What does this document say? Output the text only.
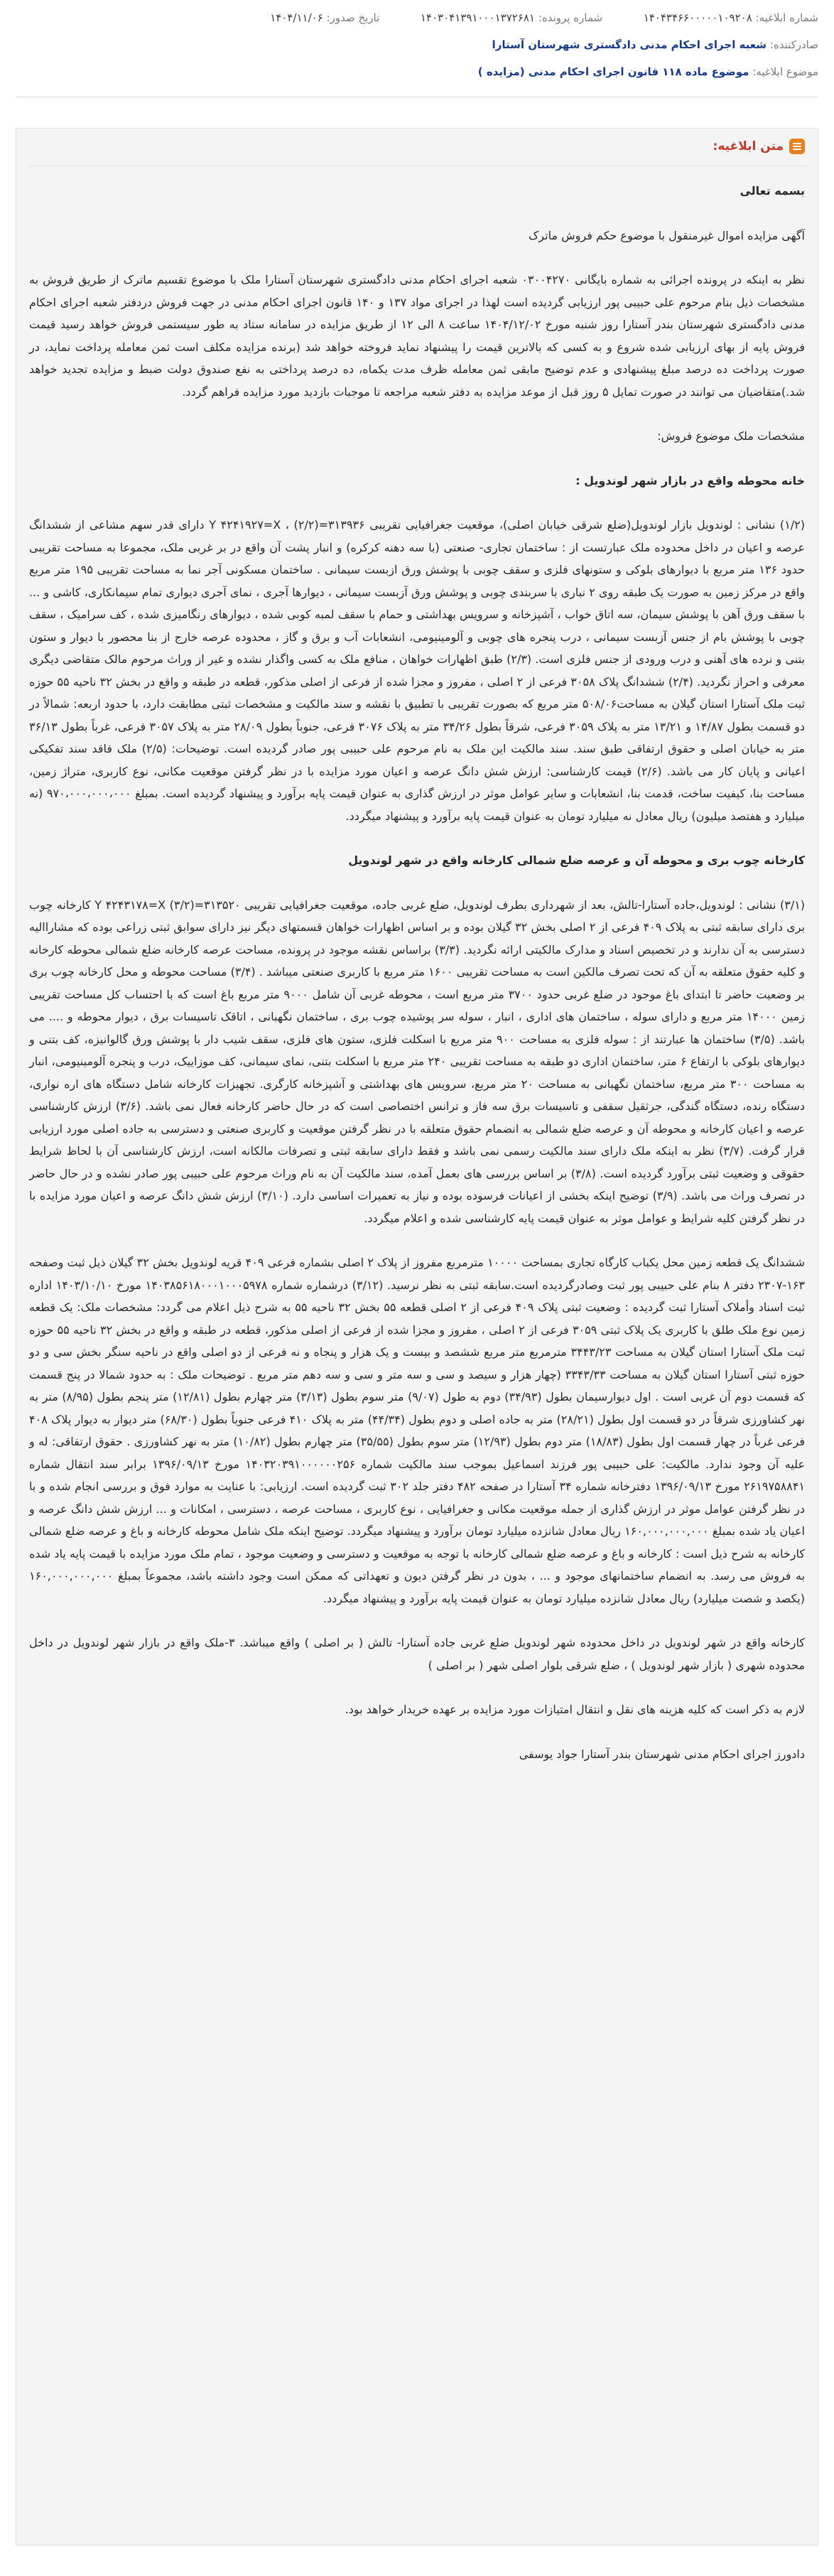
شماره ابلاغیه: ۱۴۰۴۳۴۶۶۰۰۰۰۰۱۰۹۲۰۸  شماره پرونده: ۱۴۰۳۰۴۱۳۹۱۰۰۰۱۳۷۲۶۸۱  تاریخ صدور: ۱۴۰۴/۱۱/۰۶
صادرکننده: شعبه اجرای احکام مدنی دادگستری شهرستان آستارا
موضوع ابلاغیه: موضوع ماده ۱۱۸ قانون اجرای احکام مدنی (مزایده )
متن ابلاغیه:

بسمه تعالی

آگهی مزایده اموال غیرمنقول با موضوع حکم فروش ماترک

نظر به اینکه در پرونده اجرائی به شماره بایگانی ۰۳۰۰۴۲۷۰ شعبه اجرای احکام مدنی دادگستری شهرستان آستارا ملک با موضوع تقسیم ماترک از طریق فروش به مشخصات ذیل بنام مرحوم علی حبیبی پور ارزیابی گردیده است لهذا در اجرای مواد ۱۳۷ و ۱۴۰ قانون اجرای احکام مدنی در جهت فروش دردفتر شعبه اجرای احکام مدنی دادگستری شهرستان بندر آستارا روز شنبه مورخ ۱۴۰۴/۱۲/۰۲ ساعت ۸ الی ۱۲ از طریق مزایده در سامانه ستاد به طور سیستمی فروش خواهد رسید قیمت فروش پایه از بهای ارزیابی شده شروع و به کسی که بالاترین قیمت را پیشنهاد نماید فروخته خواهد شد (برنده مزایده مکلف است ثمن معامله پرداخت نماید، در صورت پرداخت ده درصد مبلغ پیشنهادی و عدم توضیح مابقی ثمن معامله ظرف مدت یکماه، ده درصد پرداختی به نفع صندوق دولت ضبط و مزایده تجدید خواهد شد.)متقاضیان می توانند در صورت تمایل ۵ روز قبل از موعد مزایده به دفتر شعبه مراجعه تا موجبات بازدید مورد مزایده فراهم گردد.

مشخصات ملک موضوع فروش:

خانه محوطه واقع در بازار شهر لوندویل :

(۱/۲) نشانی : لوندویل بازار لوندویل(ضلع شرقی خیابان اصلی)، موقعیت جغرافیایی تقریبی ۳۱۳۹۳۶=Y ۴۲۴۱۹۲۷=X ، (۲/۲) دارای قدر سهم مشاعی از ششدانگ عرصه و اعیان در داخل محدوده ملک عبارتست از : ساختمان تجاری- صنعتی (با سه دهنه کرکره) و انبار پشت آن واقع در بر غربی ملک، مجموعا به مساحت تقریبی حدود ۱۳۶ متر مربع با دیوارهای بلوکی و ستونهای فلزی و سقف چوبی با پوشش ورق ازبست سیمانی . ساختمان مسکونی آجر نما به مساحت تقریبی ۱۹۵ متر مربع واقع در مرکز زمین به صورت یک طبقه روی ۲ نباری با سربندی چوبی و پوشش ورق آزبست سیمانی ، دیوارها آجری ، نمای آجری دیواری تمام سیمانکاری، کاشی و ... با سقف ورق آهن با پوشش سیمان، سه اتاق خواب ، آشپزخانه و سرویس بهداشتی و حمام با سقف لمبه کوبی شده ، دیوارهای رنگامیزی شده ، کف سرامیک ، سقف چوبی با پوشش بام از جنس آزبست سیمانی ، درب پنجره های چوبی و آلومینیومی، انشعابات آب و برق و گاز ، محدوده عرصه خارج از بنا محصور با دیوار و ستون بتنی و نرده های آهنی و درب ورودی از جنس فلزی است. (۲/۳) طبق اظهارات خواهان ، منافع ملک به کسی واگذار نشده و غیر از وراث مرحوم مالک متقاضی دیگری معرفی و احراز نگردید. (۲/۴) ششدانگ پلاک ۳۰۵۸ فرعی از ۲ اصلی ، مفروز و مجزا شده از فرعی از اصلی مذکور، قطعه در طبقه و واقع در بخش ۳۲ ناحیه ۵۵ حوزه ثبت ملک آستارا استان گیلان به مساحت۵۰۸/۰۶ متر مربع که بصورت تقریبی با تطبیق با نقشه و سند مالکیت و مشخصات ثبتی مطابقت دارد، با حدود اربعه: شمالاً در دو قسمت بطول ۱۴/۸۷ و ۱۳/۲۱ متر به پلاک ۳۰۵۹ فرعی، شرقاً بطول ۳۴/۲۶ متر به پلاک ۳۰۷۶ فرعی، جنوباً بطول ۲۸/۰۹ متر به پلاک ۳۰۵۷ فرعی، غرباً بطول ۳۶/۱۳ متر به خیابان اصلی و حقوق ارتفاقی طبق سند. سند مالکیت این ملک به نام مرحوم علی حبیبی پور صادر گردیده است. توضیحات: (۲/۵) ملک فاقد سند تفکیکی اعیانی و پایان کار می باشد. (۲/۶) قیمت کارشناسی: ارزش شش دانگ عرصه و اعیان مورد مزایده با در نظر گرفتن موقعیت مکانی، نوع کاربری، متراژ زمین، مساحت بنا، کیفیت ساخت، قدمت بنا، انشعابات و سایر عوامل موثر در ارزش گذاری به عنوان قیمت پایه برآورد و پیشنهاد گردیده است. بمبلغ ۹۷۰،۰۰۰،۰۰۰،۰۰۰ (نه میلیارد و هفتصد میلیون) ریال معادل نه میلیارد تومان به عنوان قیمت پایه برآورد و پیشنهاد میگردد.

کارخانه چوب بری و محوطه آن و عرصه ضلع شمالی کارخانه واقع در شهر لوندویل

(۳/۱) نشانی : لوندویل،جاده آستارا-تالش، بعد از شهرداری بطرف لوندویل، ضلع غربی جاده، موقعیت جغرافیایی تقریبی ۳۱۳۵۲۰=Y ۴۲۴۳۱۷۸=X (۳/۲) کارخانه چوب بری دارای سابقه ثبتی به پلاک ۴۰۹ فرعی از ۲ اصلی بخش ۳۲ گیلان بوده و بر اساس اظهارات خواهان قسمتهای دیگر نیز دارای سوابق ثبتی زراعی بوده که مشاراالیه دسترسی به آن ندارند و در تخصیص اسناد و مدارک مالکیتی ارائه نگردید. (۳/۳) براساس نقشه موجود در پرونده، مساحت عرصه کارخانه ضلع شمالی محوطه کارخانه و کلیه حقوق متعلقه به آن که تحت تصرف مالکین است به مساحت تقریبی ۱۶۰۰ متر مربع با کاربری صنعتی میباشد . (۳/۴) مساحت محوطه و محل کارخانه چوب بری بر وضعیت حاضر تا ابتدای باغ موجود در ضلع غربی حدود ۳۷۰۰ متر مربع است ، محوطه غربی آن شامل ۹۰۰۰ متر مربع باغ است که با احتساب کل مساحت تقریبی زمین ۱۴۰۰۰ متر مربع و دارای سوله ، ساختمان های اداری ، انبار ، سوله سر پوشیده چوب بری ، ساختمان نگهبانی ، اتاقک تاسیسات برق ، دیوار محوطه و .... می باشد. (۳/۵) ساختمان ها عبارتند از : سوله فلزی به مساحت ۹۰۰ متر مربع با اسکلت فلزی، ستون های فلزی، سقف شیب دار با پوشش ورق گالوانیزه، کف بتنی و دیوارهای بلوکی با ارتفاع ۶ متر، ساختمان اداری دو طبقه به مساحت تقریبی ۲۴۰ متر مربع با اسکلت بتنی، نمای سیمانی، کف موزاییک، درب و پنجره آلومینیومی، انبار به مساحت ۳۰۰ متر مربع، ساختمان نگهبانی به مساحت ۲۰ متر مربع، سرویس های بهداشتی و آشپزخانه کارگری. تجهیزات کارخانه شامل دستگاه های اره نواری، دستگاه رنده، دستگاه گندگی، جرثقیل سقفی و تاسیسات برق سه فاز و ترانس اختصاصی است که در حال حاضر کارخانه فعال نمی باشد. (۳/۶) ارزش کارشناسی عرصه و اعیان کارخانه و محوطه آن و عرصه ضلع شمالی به انضمام حقوق متعلقه با در نظر گرفتن موقعیت و کاربری صنعتی و دسترسی به جاده اصلی مورد ارزیابی قرار گرفت. (۳/۷) نظر به اینکه ملک دارای سند مالکیت رسمی نمی باشد و فقط دارای سابقه ثبتی و تصرفات مالکانه است، ارزش کارشناسی آن با لحاظ شرایط حقوقی و وضعیت ثبتی برآورد گردیده است. (۳/۸) بر اساس بررسی های بعمل آمده، سند مالکیت آن به نام وراث مرحوم علی حبیبی پور صادر نشده و در حال حاضر در تصرف وراث می باشد. (۳/۹) توضیح اینکه بخشی از اعیانات فرسوده بوده و نیاز به تعمیرات اساسی دارد. (۳/۱۰) ارزش شش دانگ عرصه و اعیان مورد مزایده با در نظر گرفتن کلیه شرایط و عوامل موثر به عنوان قیمت پایه کارشناسی شده و اعلام میگردد.

ششدانگ یک قطعه زمین محل یکباب کارگاه تجاری بمساحت ۱۰۰۰۰ مترمربع مفروز از پلاک ۲ اصلی بشماره فرعی ۴۰۹ قریه لوندویل بخش ۳۲ گیلان ذیل ثبت وصفحه ۱۶۳-۲۳۰۷ دفتر ۸ بنام علی حبیبی پور ثبت وصادرگردیده است.سابقه ثبتی به نظر نرسید. (۳/۱۲) درشماره شماره ۱۴۰۳۸۵۶۱۸۰۰۰۱۰۰۰۵۹۷۸ مورخ ۱۴۰۳/۱۰/۱۰ اداره ثبت اسناد وأملاک آستارا ثبت گردیده : وضعیت ثبتی پلاک ۴۰۹ فرعی از ۲ اصلی قطعه ۵۵ بخش ۳۲ ناحیه ۵۵ به شرح ذیل اعلام می گردد: مشخصات ملک: یک قطعه زمین نوع ملک طلق با کاربری یک پلاک ثبتی ۳۰۵۹ فرعی از ۲ اصلی ، مفروز و مجزا شده از فرعی از اصلی مذکور، قطعه در طبقه و واقع در بخش ۳۲ ناحیه ۵۵ حوزه ثبت ملک آستارا استان گیلان به مساحت ۳۴۴۳/۲۳ مترمربع متر مربع ششصد و بیست و یک هزار و پنجاه و نه فرعی از دو اصلی واقع در ناحیه سنگر بخش سی و دو حوزه ثبتی آستارا استان گیلان به مساحت ۳۳۴۳/۳۳ (چهار هزار و سیصد و سی و سه متر و سی و سه دهم متر مربع . توضیحات ملک : به حدود شمالا در پنج قسمت که قسمت دوم آن غربی است . اول دیوارسیمان بطول (۳۴/۹۳) دوم به طول (۹/۰۷) متر سوم بطول (۳/۱۳) متر چهارم بطول (۱۲/۸۱) متر پنجم بطول (۸/۹۵) متر به نهر کشاورزی شرقاً در دو قسمت اول بطول (۲۸/۲۱) متر به جاده اصلی و دوم بطول (۴۴/۳۴) متر به پلاک ۴۱۰ فرعی جنوباً بطول (۶۸/۳۰) متر دیوار به دیوار پلاک ۴۰۸ فرعی غرباً در چهار قسمت اول بطول (۱۸/۸۳) متر دوم بطول (۱۲/۹۳) متر سوم بطول (۳۵/۵۵) متر چهارم بطول (۱۰/۸۲) متر به نهر کشاورزی . حقوق ارتفاقی: له و علیه آن وجود ندارد. مالکیت: علی حبیبی پور فرزند اسماعیل بموجب سند مالکیت شماره ۱۴۰۳۲۰۳۹۱۰۰۰۰۰۰۲۵۶ مورخ ۱۳۹۶/۰۹/۱۳ برابر سند انتقال شماره ۲۶۱۹۷۵۸۸۴۱ مورخ ۱۳۹۶/۰۹/۱۳ دفترخانه شماره ۳۴ آستارا در صفحه ۴۸۲ دفتر جلد ۳۰۲ ثبت گردیده است. ارزیابی: با عنایت به موارد فوق و بررسی انجام شده و با در نظر گرفتن عوامل موثر در ارزش گذاری از جمله موقعیت مکانی و جغرافیایی ، نوع کاربری ، مساحت عرصه ، دسترسی ، امکانات و ... ارزش شش دانگ عرصه و اعیان یاد شده بمبلغ ۱۶۰,۰۰۰,۰۰۰,۰۰۰ ریال معادل شانزده میلیارد تومان برآورد و پیشنهاد میگردد. توضیح اینکه ملک شامل محوطه کارخانه و باغ و عرصه ضلع شمالی کارخانه به شرح ذیل است : کارخانه و باغ و عرصه ضلع شمالی کارخانه با توجه به موقعیت و دسترسی و وضعیت موجود ، تمام ملک مورد مزایده با قیمت پایه یاد شده به فروش می رسد. به انضمام ساختمانهای موجود و ... ، بدون در نظر گرفتن دیون و تعهداتی که ممکن است وجود داشته باشد، مجموعاً بمبلغ ۱۶۰,۰۰۰,۰۰۰,۰۰۰ (یکصد و شصت میلیارد) ریال معادل شانزده میلیارد تومان به عنوان قیمت پایه برآورد و پیشنهاد میگردد.

کارخانه واقع در شهر لوندویل در داخل محدوده شهر لوندویل ضلع غربی جاده آستارا- تالش ( بر اصلی ) واقع میباشد. ۳-ملک واقع در بازار شهر لوندویل در داخل محدوده شهری ( بازار شهر لوندویل ) ، ضلع شرقی بلوار اصلی شهر ( بر اصلی )

لازم به ذکر است که کلیه هزینه های نقل و انتقال امتیازات مورد مزایده بر عهده خریدار خواهد بود.

دادورز اجرای احکام مدنی شهرستان بندر آستارا جواد یوسفی
